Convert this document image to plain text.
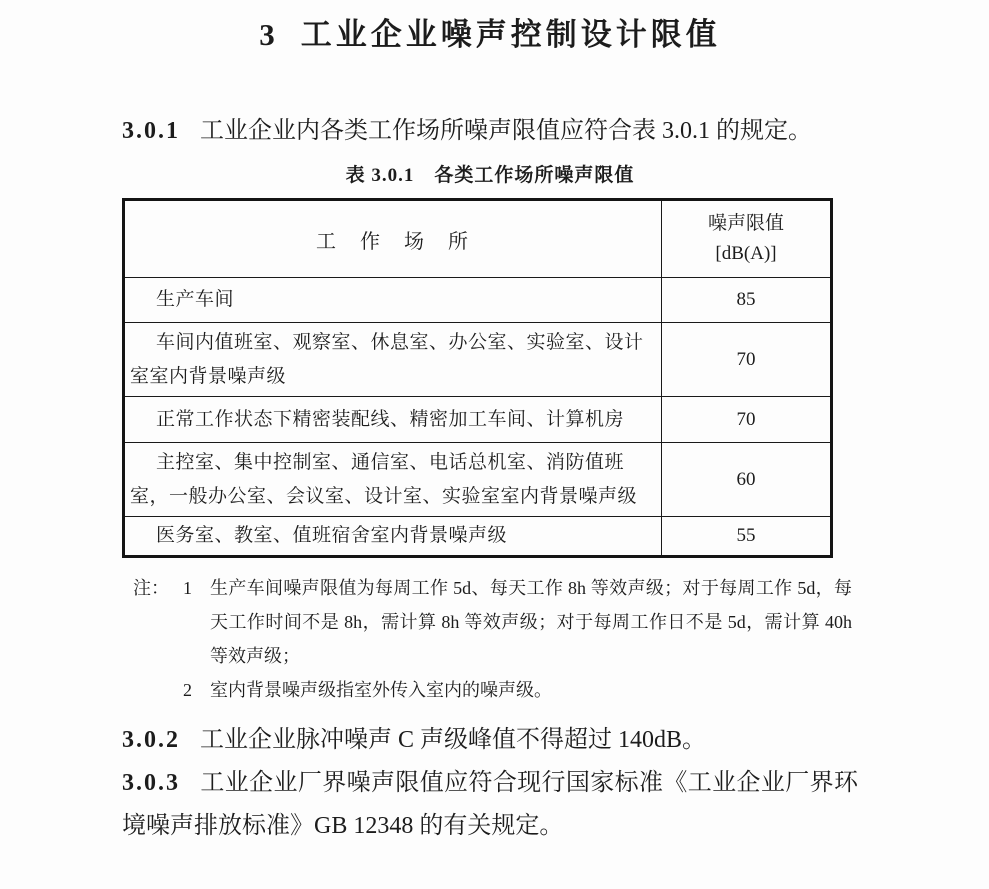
3 工业企业噪声控制设计限值

3.0.1 工业企业内各类工作场所噪声限值应符合表 3.0.1 的规定。

表 3.0.1　各类工作场所噪声限值

工　作　场　所	噪声限值
[dB(A)]

生产车间	85
车间内值班室、观察室、休息室、办公室、实验室、设计室室内背景噪声级	70
正常工作状态下精密装配线、精密加工车间、计算机房	70
主控室、集中控制室、通信室、电话总机室、消防值班室，一般办公室、会议室、设计室、实验室室内背景噪声级	60
医务室、教室、值班宿舍室内背景噪声级	55
注： 1	生产车间噪声限值为每周工作 5d、每天工作 8h 等效声级；对于每周工作 5d，每天工作时间不是 8h，需计算 8h 等效声级；对于每周工作日不是 5d，需计算 40h 等效声级；
2	室内背景噪声级指室外传入室内的噪声级。

3.0.2 工业企业脉冲噪声 C 声级峰值不得超过 140dB。

3.0.3 工业企业厂界噪声限值应符合现行国家标准《工业企业厂界环境噪声排放标准》GB 12348 的有关规定。
